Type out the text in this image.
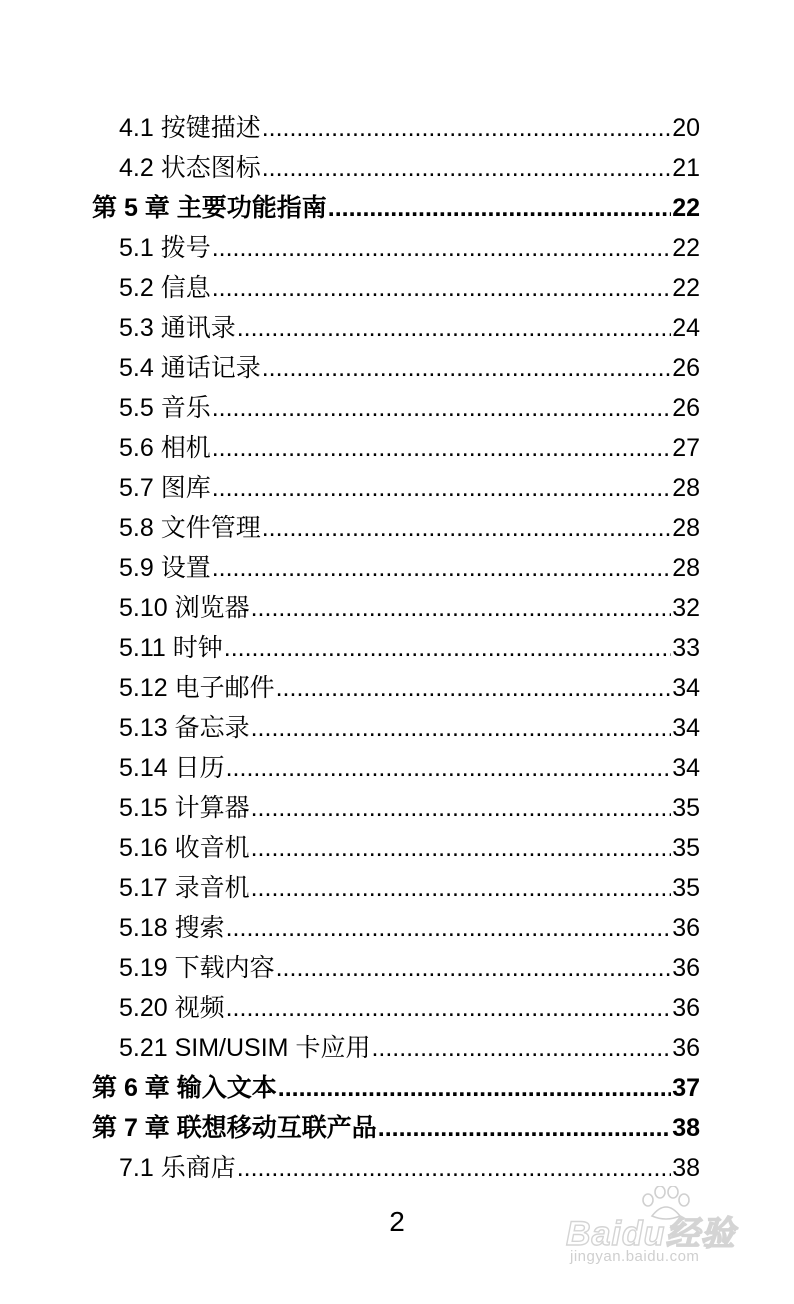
4.1 按键描述 .....	20
4.2 状态图标 .....	21
第 5 章 主要功能指南 .....	22
5.1 拨号 .....	22
5.2 信息 .....	22
5.3 通讯录 .....	24
5.4 通话记录 .....	26
5.5 音乐 .....	26
5.6 相机 .....	27
5.7 图库 .....	28
5.8 文件管理 .....	28
5.9 设置 .....	28
5.10 浏览器 .....	32
5.11 时钟 .....	33
5.12 电子邮件 .....	34
5.13 备忘录 .....	34
5.14 日历 .....	34
5.15 计算器 .....	35
5.16 收音机 .....	35
5.17 录音机 .....	35
5.18 搜索 .....	36
5.19 下载内容 .....	36
5.20 视频 .....	36
5.21 SIM/USIM 卡应用 .....	36
第 6 章 输入文本 .....	37
第 7 章 联想移动互联产品 .....	38
7.1 乐商店 .....	38
2	Baidu经验
jingyan.baidu.com
